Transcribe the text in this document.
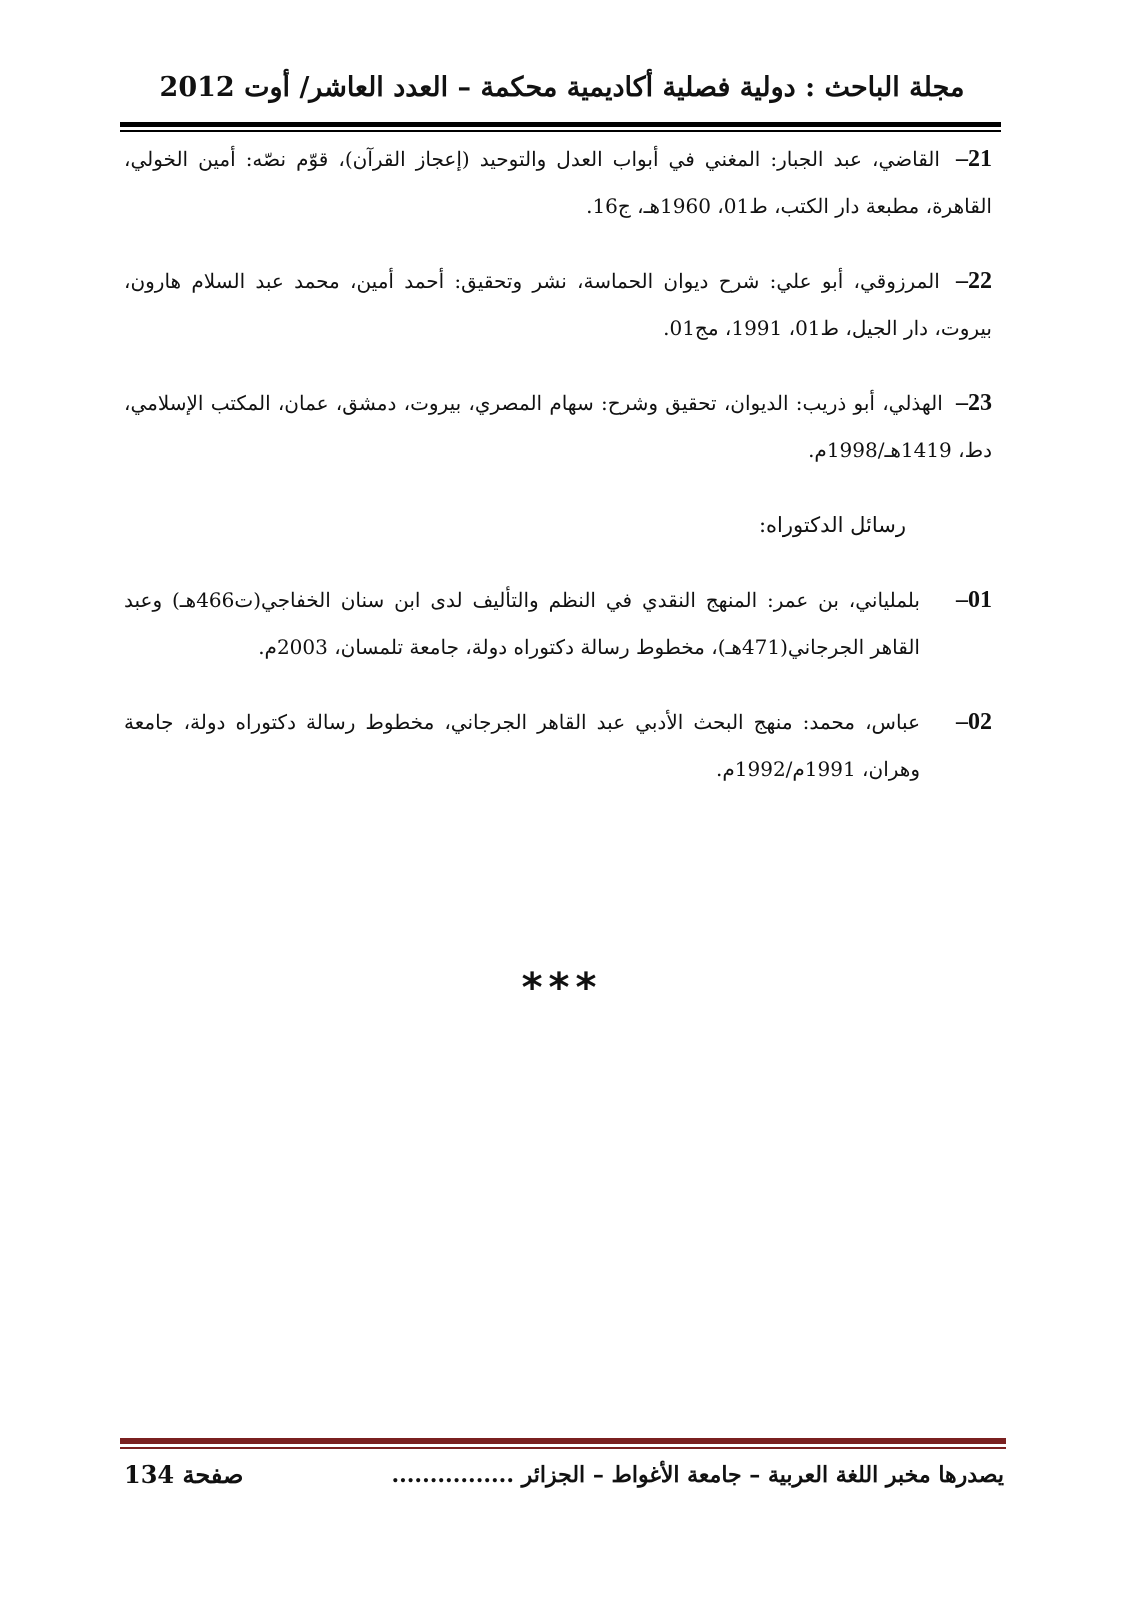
مجلة الباحث : دولية فصلية أكاديمية محكمة – العدد العاشر/ أوت 2012
21– القاضي، عبد الجبار: المغني في أبواب العدل والتوحيد (إعجاز القرآن)، قوّم نصّه: أمين الخولي، القاهرة، مطبعة دار الكتب، ط01، 1960هـ، ج16.
22– المرزوقي، أبو علي: شرح ديوان الحماسة، نشر وتحقيق: أحمد أمين، محمد عبد السلام هارون، بيروت، دار الجيل، ط01، 1991، مج01.
23– الهذلي، أبو ذريب: الديوان، تحقيق وشرح: سهام المصري، بيروت، دمشق، عمان، المكتب الإسلامي، دط، 1419هـ/1998م.
رسائل الدكتوراه:
01–
بلملياني، بن عمر: المنهج النقدي في النظم والتأليف لدى ابن سنان الخفاجي(ت466هـ) وعبد القاهر الجرجاني(471هـ)، مخطوط رسالة دكتوراه دولة، جامعة تلمسان، 2003م.
02–
عباس، محمد: منهج البحث الأدبي عبد القاهر الجرجاني، مخطوط رسالة دكتوراه دولة، جامعة وهران، 1991م/1992م.
***
يصدرها مخبر اللغة العربية – جامعة الأغواط – الجزائر ................
صفحة 134
